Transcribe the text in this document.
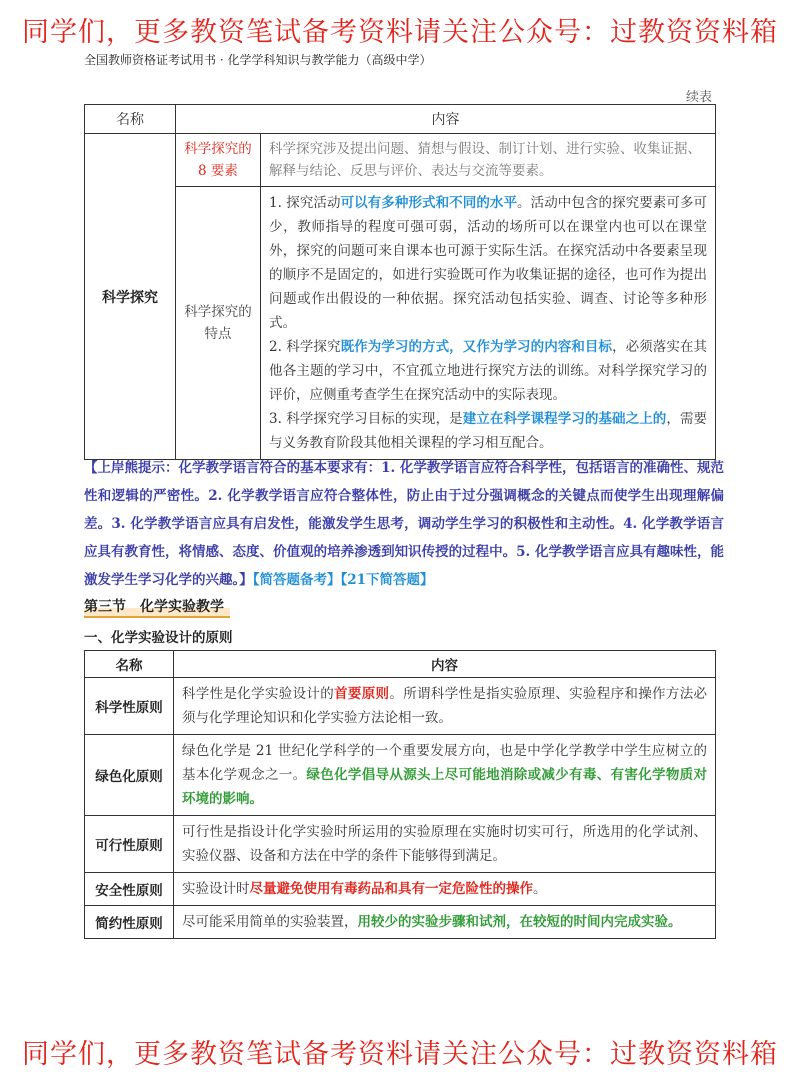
同学们，更多教资笔试备考资料请关注公众号：过教资资料箱
全国教师资格证考试用书 · 化学学科知识与教学能力（高级中学）
续表
名称	内容	
科学探究	科学探究的 8 要素	科学探究涉及提出问题、猜想与假设、制订计划、进行实验、收集证据、解释与结论、反思与评价、表达与交流等要素。
	科学探究的特点	1. 探究活动可以有多种形式和不同的水平。活动中包含的探究要素可多可少，教师指导的程度可强可弱，活动的场所可以在课堂内也可以在课堂外，探究的问题可来自课本也可源于实际生活。在探究活动中各要素呈现的顺序不是固定的，如进行实验既可作为收集证据的途径，也可作为提出问题或作出假设的一种依据。探究活动包括实验、调查、讨论等多种形式。
2. 科学探究既作为学习的方式，又作为学习的内容和目标，必须落实在其他各主题的学习中，不宜孤立地进行探究方法的训练。对科学探究学习的评价，应侧重考查学生在探究活动中的实际表现。
3. 科学探究学习目标的实现，是建立在科学课程学习的基础之上的，需要与义务教育阶段其他相关课程的学习相互配合。
【上岸熊提示：化学教学语言符合的基本要求有：1. 化学教学语言应符合科学性，包括语言的准确性、规范性和逻辑的严密性。2. 化学教学语言应符合整体性，防止由于过分强调概念的关键点而使学生出现理解偏差。3. 化学教学语言应具有启发性，能激发学生思考，调动学生学习的积极性和主动性。4. 化学教学语言应具有教育性，将情感、态度、价值观的培养渗透到知识传授的过程中。5. 化学教学语言应具有趣味性，能激发学生学习化学的兴趣。】【简答题备考】【21下简答题】
第三节　化学实验教学
一、化学实验设计的原则
名称	内容
科学性原则	科学性是化学实验设计的首要原则。所谓科学性是指实验原理、实验程序和操作方法必须与化学理论知识和化学实验方法论相一致。
绿色化原则	绿色化学是 21 世纪化学科学的一个重要发展方向，也是中学化学教学中学生应树立的基本化学观念之一。绿色化学倡导从源头上尽可能地消除或减少有毒、有害化学物质对环境的影响。
可行性原则	可行性是指设计化学实验时所运用的实验原理在实施时切实可行，所选用的化学试剂、实验仪器、设备和方法在中学的条件下能够得到满足。
安全性原则	实验设计时尽量避免使用有毒药品和具有一定危险性的操作。
简约性原则	尽可能采用简单的实验装置，用较少的实验步骤和试剂，在较短的时间内完成实验。
同学们，更多教资笔试备考资料请关注公众号：过教资资料箱
